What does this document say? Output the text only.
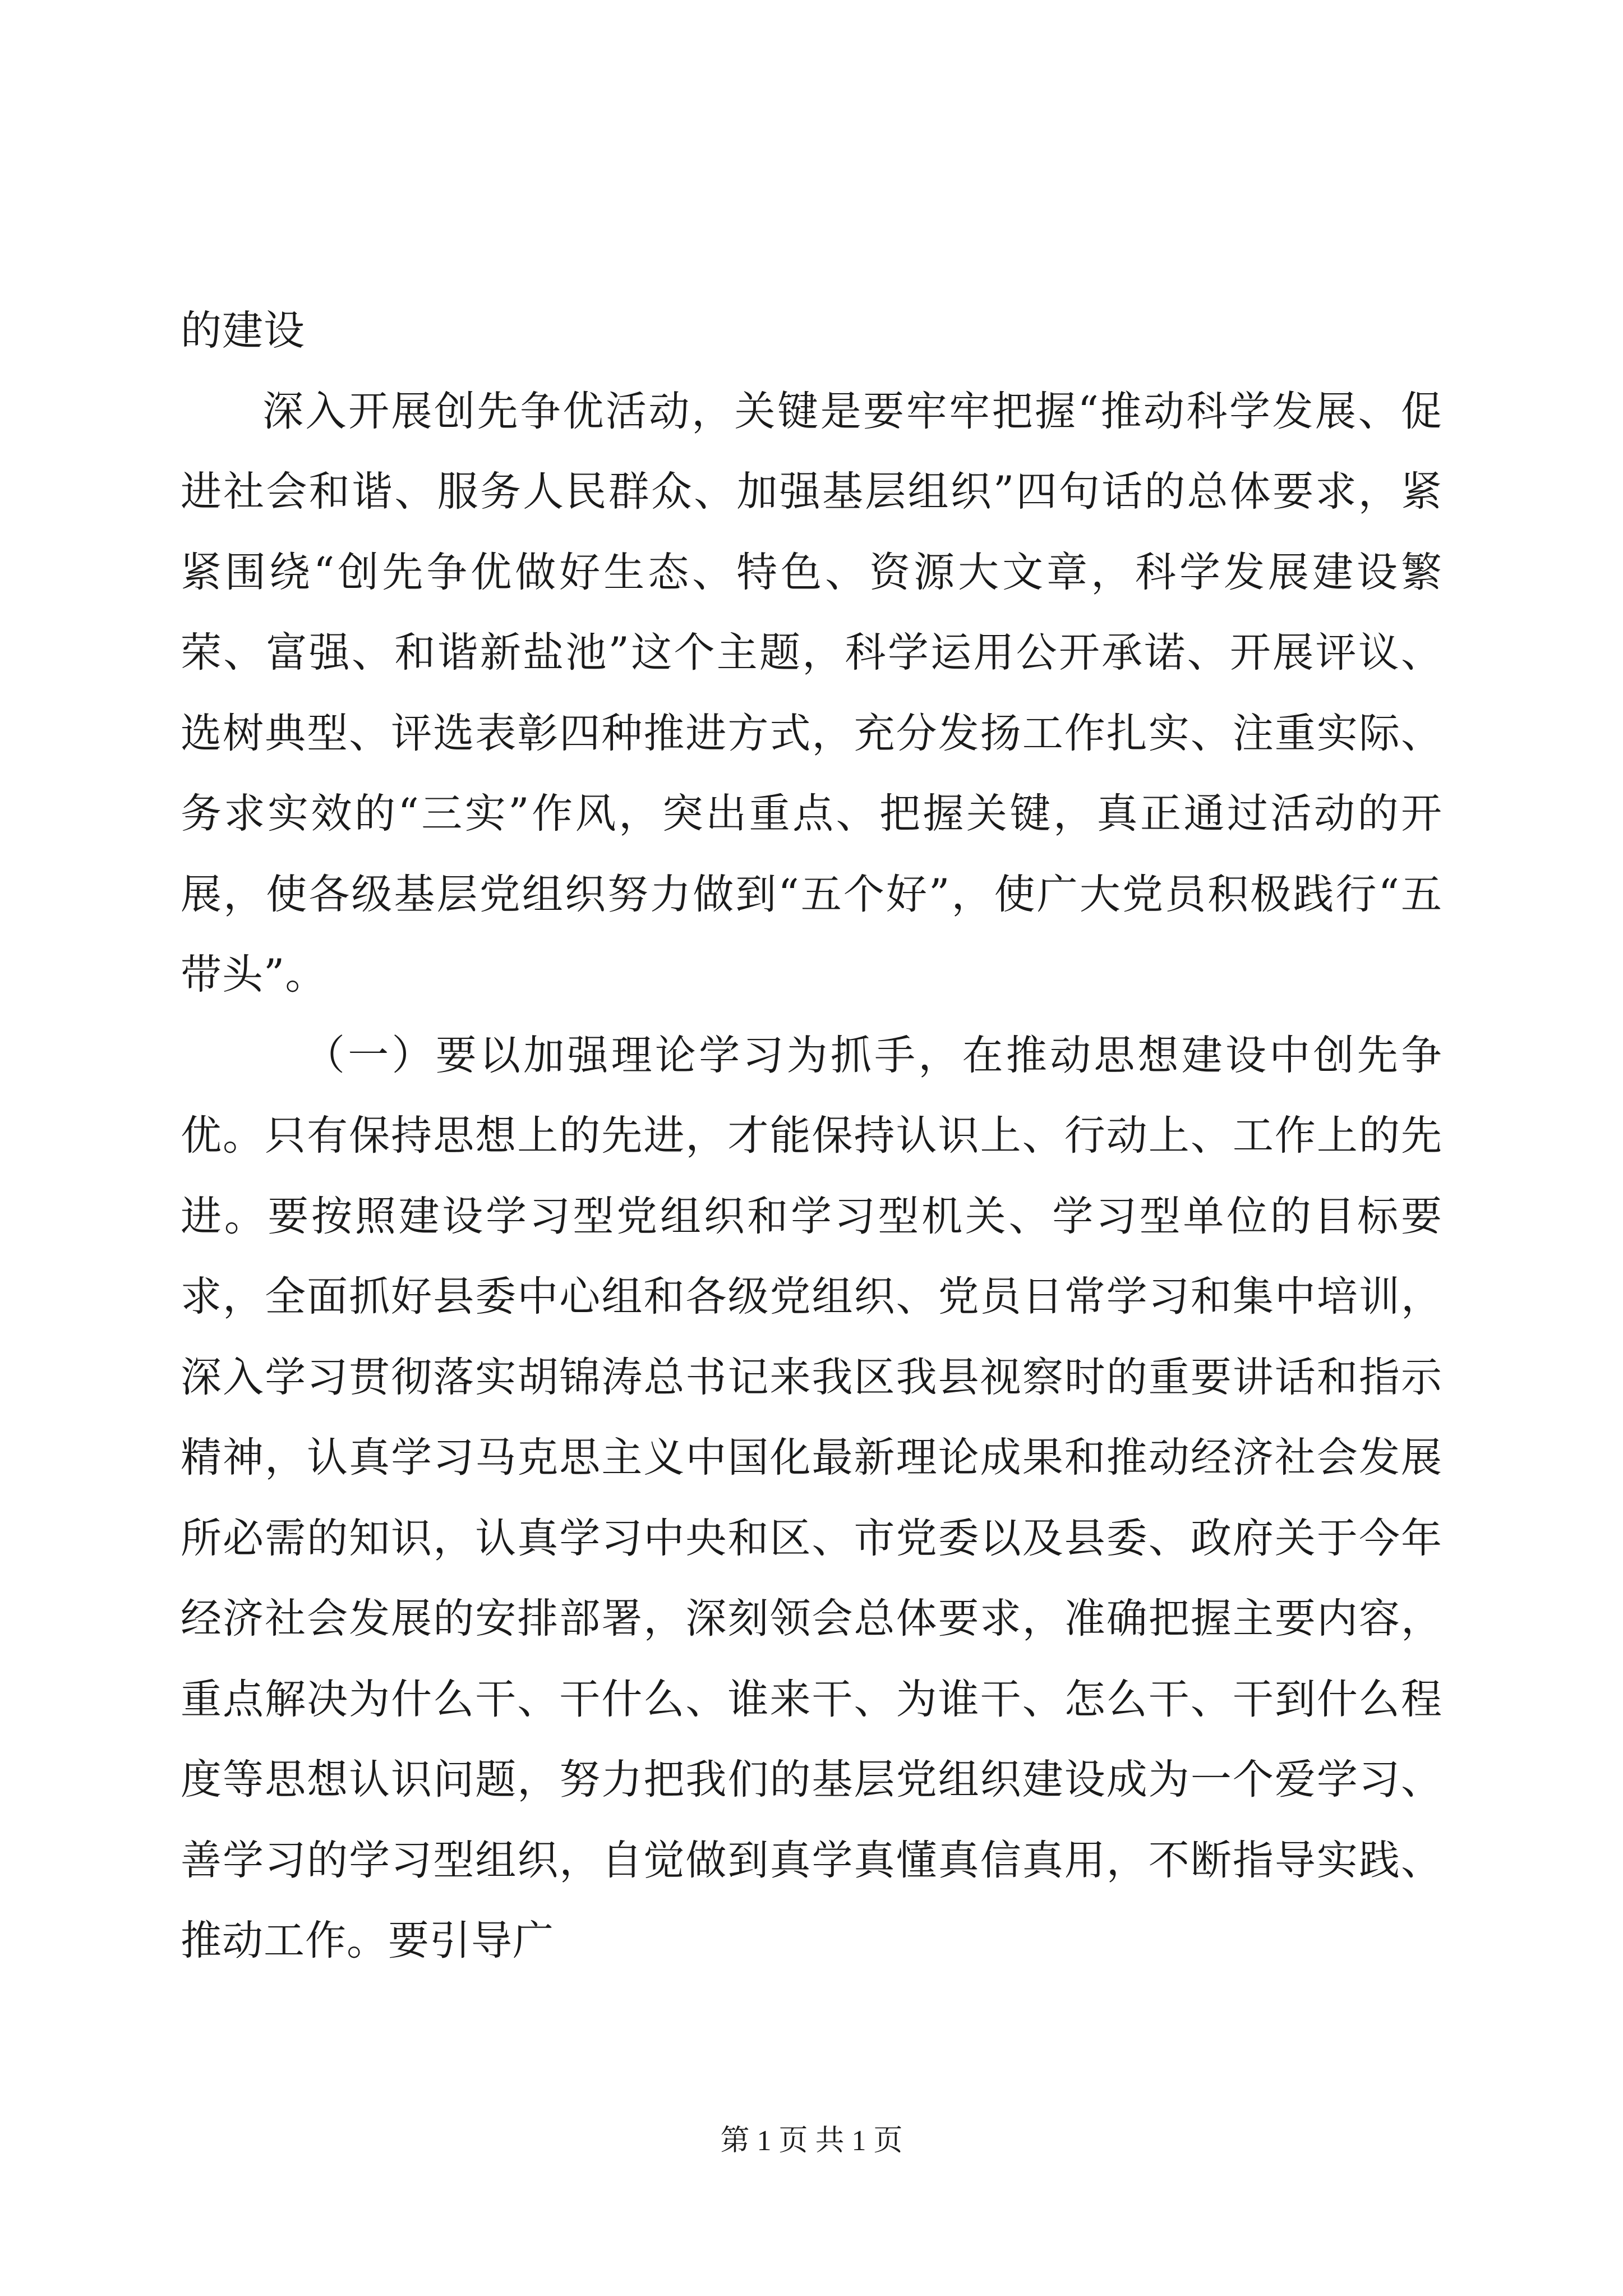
的建设

深入开展创先争优活动，关键是要牢牢把握“推动科学发展、促进社会和谐、服务人民群众、加强基层组织”四句话的总体要求，紧紧围绕“创先争优做好生态、特色、资源大文章，科学发展建设繁荣、富强、和谐新盐池”这个主题，科学运用公开承诺、开展评议、选树典型、评选表彰四种推进方式，充分发扬工作扎实、注重实际、务求实效的“三实”作风，突出重点、把握关键，真正通过活动的开展，使各级基层党组织努力做到“五个好”，使广大党员积极践行“五带头”。

（一）要以加强理论学习为抓手，在推动思想建设中创先争优。只有保持思想上的先进，才能保持认识上、行动上、工作上的先进。要按照建设学习型党组织和学习型机关、学习型单位的目标要求，全面抓好县委中心组和各级党组织、党员日常学习和集中培训，深入学习贯彻落实胡锦涛总书记来我区我县视察时的重要讲话和指示精神，认真学习马克思主义中国化最新理论成果和推动经济社会发展所必需的知识，认真学习中央和区、市党委以及县委、政府关于今年经济社会发展的安排部署，深刻领会总体要求，准确把握主要内容，重点解决为什么干、干什么、谁来干、为谁干、怎么干、干到什么程度等思想认识问题，努力把我们的基层党组织建设成为一个爱学习、善学习的学习型组织，自觉做到真学真懂真信真用，不断指导实践、推动工作。要引导广

第 1 页 共 1 页
